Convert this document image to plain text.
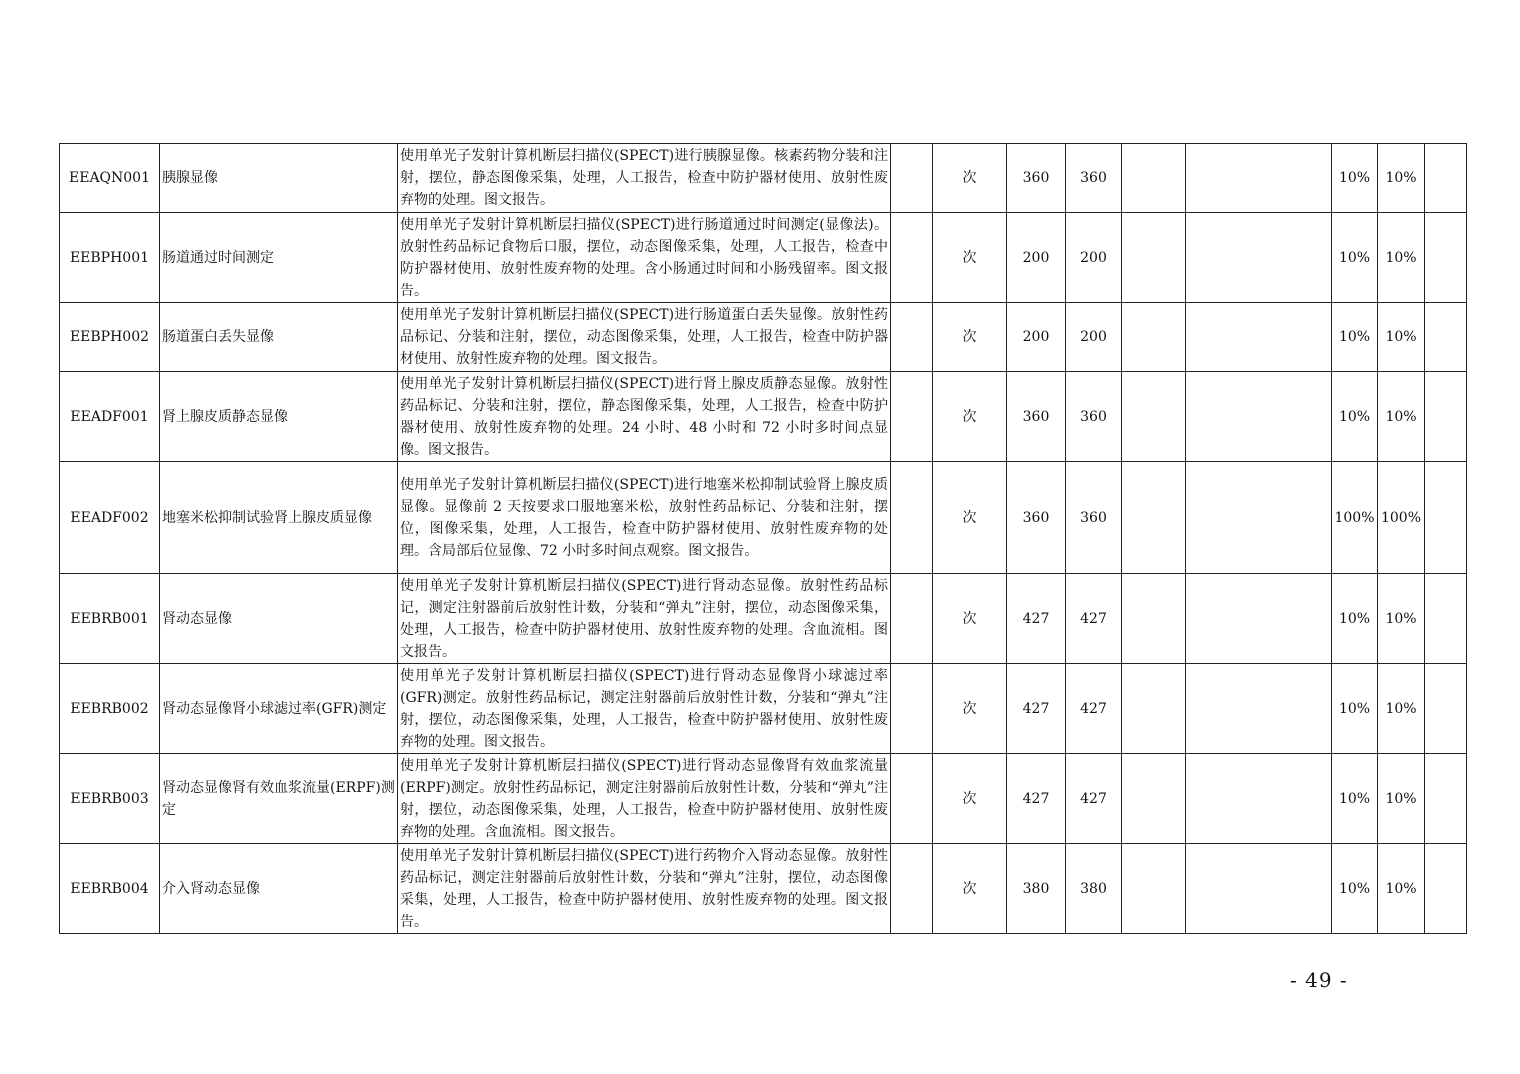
EEAQN001	胰腺显像	使用单光子发射计算机断层扫描仪(SPECT)进行胰腺显像。核素药物分装和注射，摆位，静态图像采集，处理，人工报告，检查中防护器材使用、放射性废弃物的处理。图文报告。		次	360	360			10%	10%	
EEBPH001	肠道通过时间测定	使用单光子发射计算机断层扫描仪(SPECT)进行肠道通过时间测定(显像法)。放射性药品标记食物后口服，摆位，动态图像采集，处理，人工报告，检查中防护器材使用、放射性废弃物的处理。含小肠通过时间和小肠残留率。图文报告。		次	200	200			10%	10%	
EEBPH002	肠道蛋白丢失显像	使用单光子发射计算机断层扫描仪(SPECT)进行肠道蛋白丢失显像。放射性药品标记、分装和注射，摆位，动态图像采集，处理，人工报告，检查中防护器材使用、放射性废弃物的处理。图文报告。		次	200	200			10%	10%	
EEADF001	肾上腺皮质静态显像	使用单光子发射计算机断层扫描仪(SPECT)进行肾上腺皮质静态显像。放射性药品标记、分装和注射，摆位，静态图像采集，处理，人工报告，检查中防护器材使用、放射性废弃物的处理。24 小时、48 小时和 72 小时多时间点显像。图文报告。		次	360	360			10%	10%	
EEADF002	地塞米松抑制试验肾上腺皮质显像	使用单光子发射计算机断层扫描仪(SPECT)进行地塞米松抑制试验肾上腺皮质显像。显像前 2 天按要求口服地塞米松，放射性药品标记、分装和注射，摆位，图像采集，处理，人工报告，检查中防护器材使用、放射性废弃物的处理。含局部后位显像、72 小时多时间点观察。图文报告。		次	360	360			100%	100%	
EEBRB001	肾动态显像	使用单光子发射计算机断层扫描仪(SPECT)进行肾动态显像。放射性药品标记，测定注射器前后放射性计数，分装和“弹丸”注射，摆位，动态图像采集，处理，人工报告，检查中防护器材使用、放射性废弃物的处理。含血流相。图文报告。		次	427	427			10%	10%	
EEBRB002	肾动态显像肾小球滤过率(GFR)测定	使用单光子发射计算机断层扫描仪(SPECT)进行肾动态显像肾小球滤过率(GFR)测定。放射性药品标记，测定注射器前后放射性计数，分装和“弹丸”注射，摆位，动态图像采集，处理，人工报告，检查中防护器材使用、放射性废弃物的处理。图文报告。		次	427	427			10%	10%	
EEBRB003	肾动态显像肾有效血浆流量(ERPF)测定	使用单光子发射计算机断层扫描仪(SPECT)进行肾动态显像肾有效血浆流量(ERPF)测定。放射性药品标记，测定注射器前后放射性计数，分装和“弹丸”注射，摆位，动态图像采集，处理，人工报告，检查中防护器材使用、放射性废弃物的处理。含血流相。图文报告。		次	427	427			10%	10%	
EEBRB004	介入肾动态显像	使用单光子发射计算机断层扫描仪(SPECT)进行药物介入肾动态显像。放射性药品标记，测定注射器前后放射性计数，分装和“弹丸”注射，摆位，动态图像采集，处理，人工报告，检查中防护器材使用、放射性废弃物的处理。图文报告。		次	380	380			10%	10%	
- 49 -
